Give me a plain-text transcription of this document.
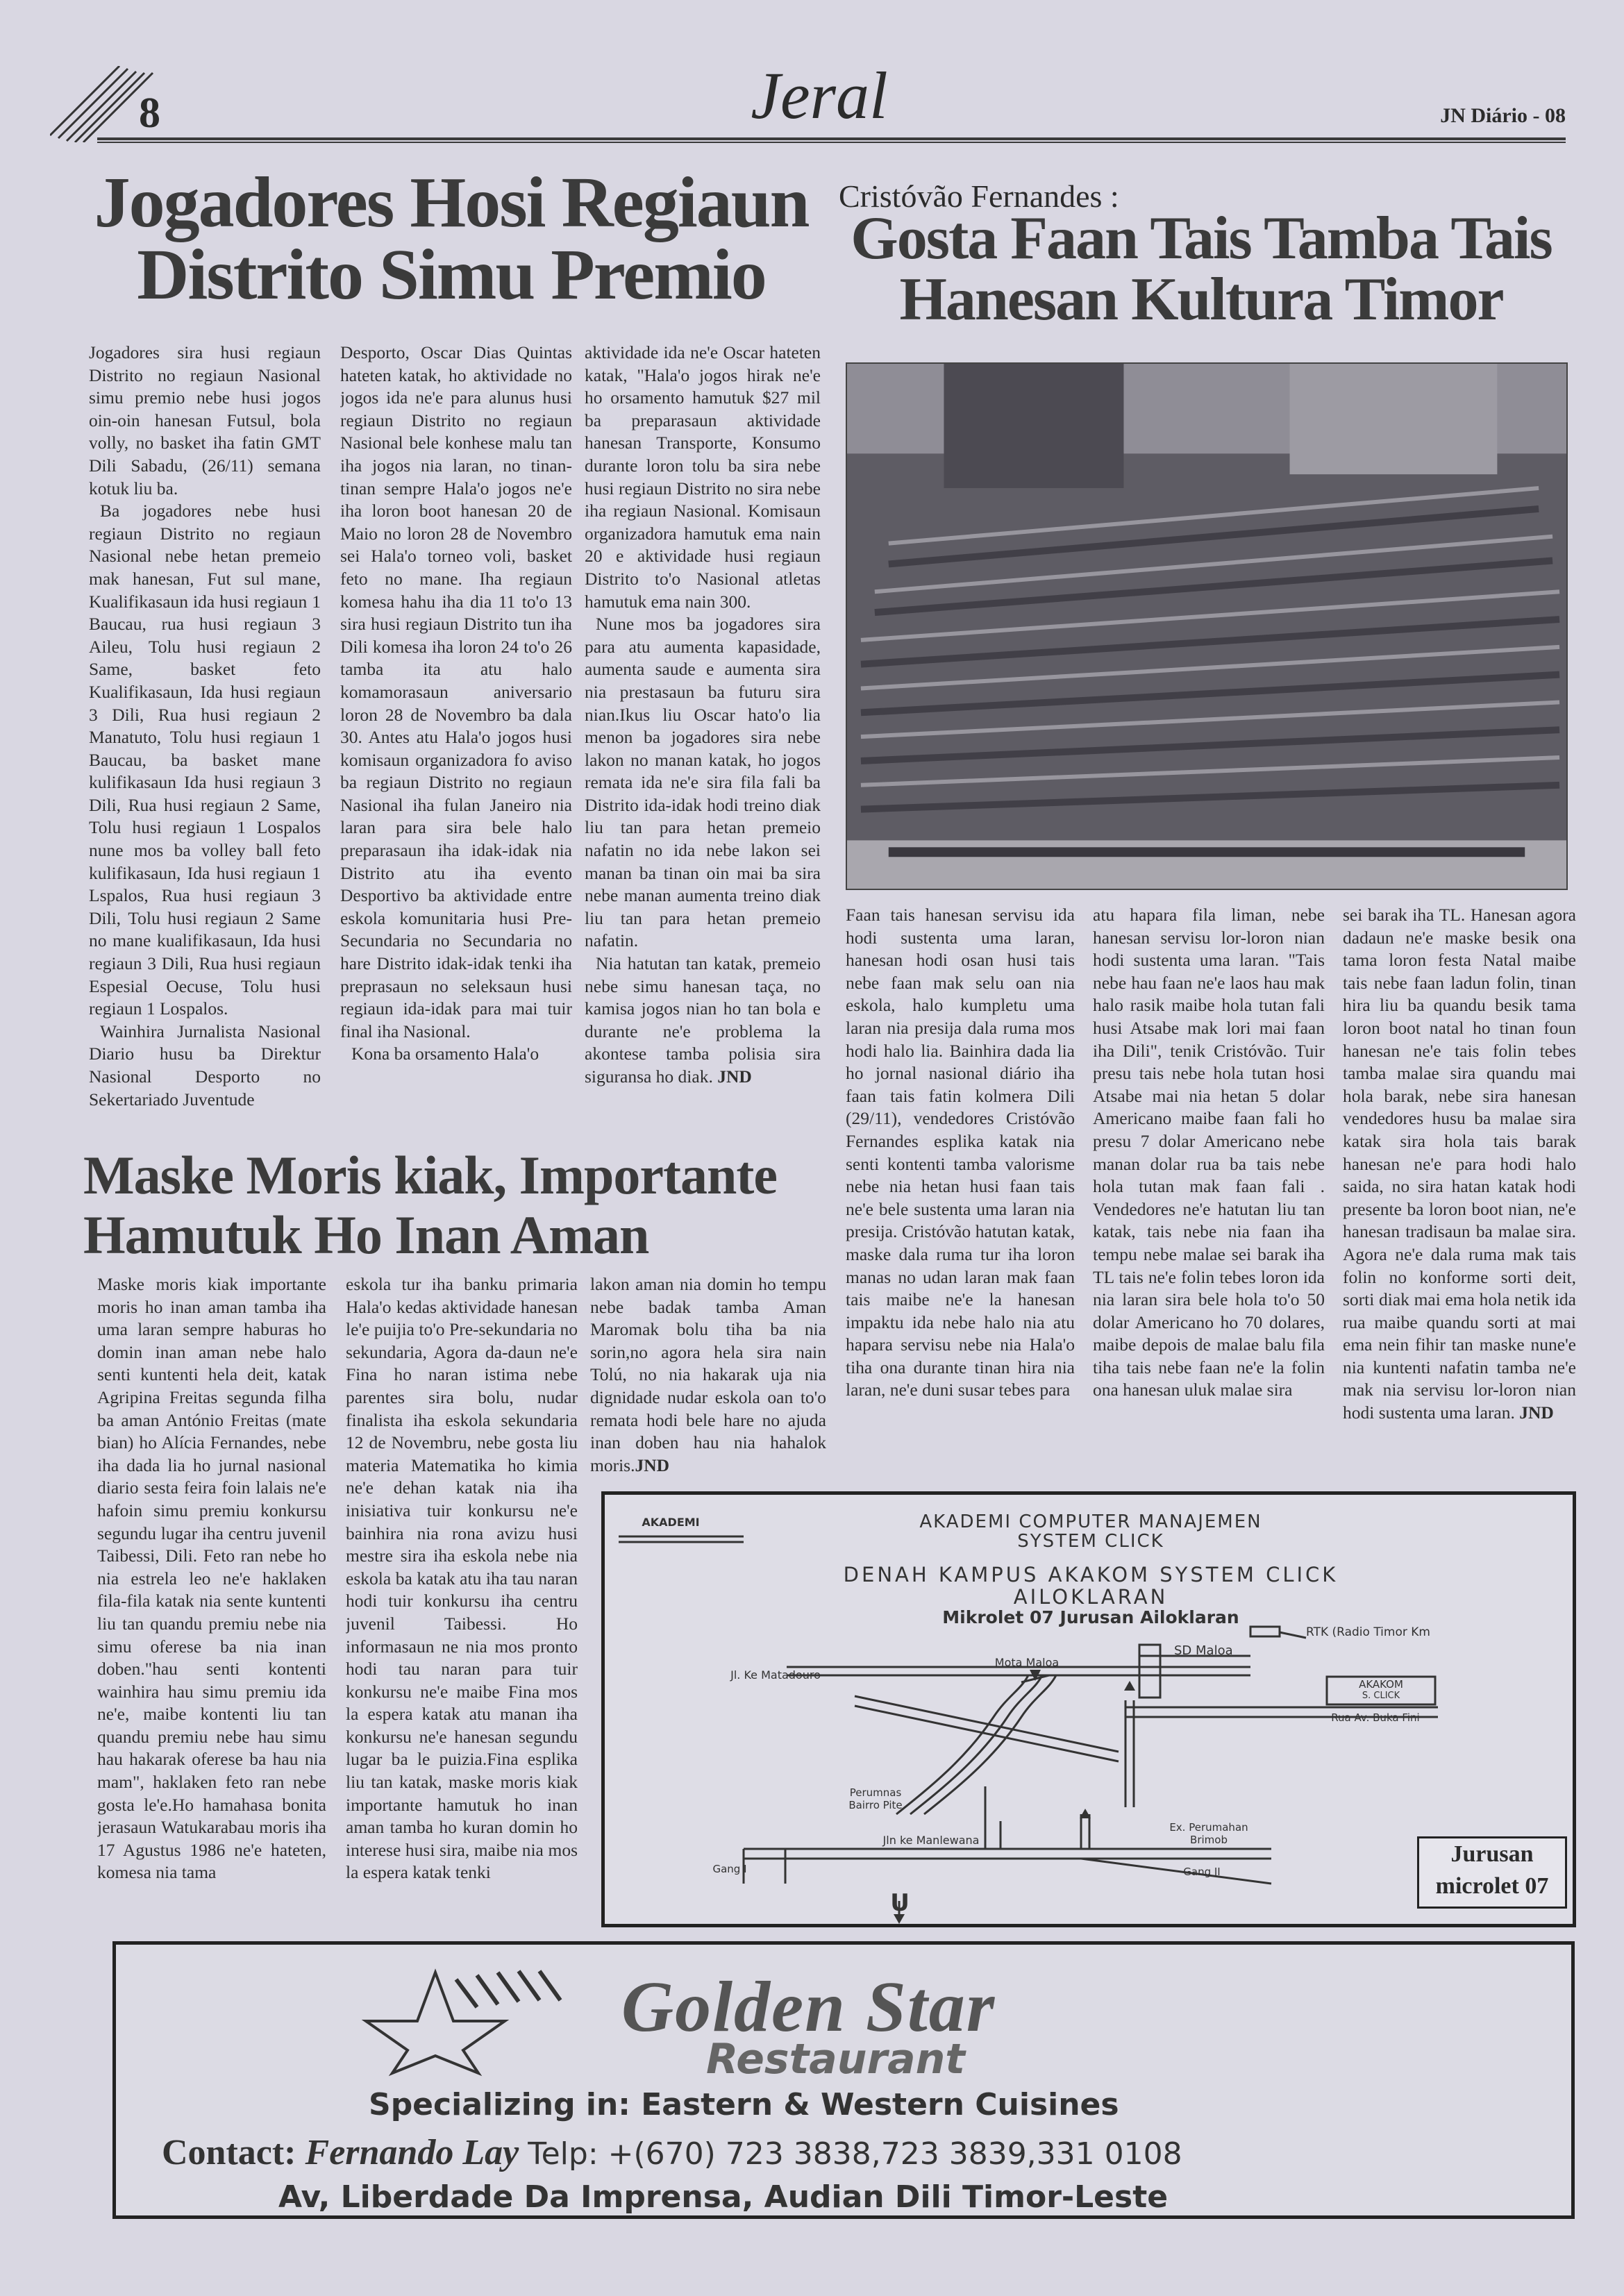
8	Jeral	JN Diário - 08
Jogadores Hosi Regiaun
Distrito Simu Premio
Cristóvão Fernandes :
Gosta Faan Tais Tamba Tais
Hanesan Kultura Timor

Jogadores sira husi regiaun Distrito no regiaun Nasional simu premio nebe husi jogos oin-oin hanesan Futsul, bola volly, no basket iha fatin GMT Dili Sabadu, (26/11) semana kotuk liu ba.

Ba jogadores nebe husi regiaun Distrito no regiaun Nasional nebe hetan premeio mak hanesan, Fut sul mane, Kualifikasaun ida husi regiaun 1 Baucau, rua husi regiaun 3 Aileu, Tolu husi regiaun 2 Same, basket feto Kualifikasaun, Ida husi regiaun 3 Dili, Rua husi regiaun 2 Manatuto, Tolu husi regiaun 1 Baucau, ba basket mane kulifikasaun Ida husi regiaun 3 Dili, Rua husi regiaun 2 Same, Tolu husi regiaun 1 Lospalos nune mos ba volley ball feto kulifikasaun, Ida husi regiaun 1 Lspalos, Rua husi regiaun 3 Dili, Tolu husi regiaun 2 Same no mane kualifikasaun, Ida husi regiaun 3 Dili, Rua husi regiaun Espesial Oecuse, Tolu husi regiaun 1 Lospalos.

Wainhira Jurnalista Nasional Diario husu ba Direktur Nasional Desporto no Sekertariado Juventude

Desporto, Oscar Dias Quintas hateten katak, ho aktividade no jogos ida ne'e para alunus husi regiaun Distrito no regiaun Nasional bele konhese malu tan iha jogos nia laran, no tinan-tinan sempre Hala'o jogos ne'e iha loron boot hanesan 20 de Maio no loron 28 de Novembro sei Hala'o torneo voli, basket feto no mane. Iha regiaun komesa hahu iha dia 11 to'o 13 sira husi regiaun Distrito tun iha Dili komesa iha loron 24 to'o 26 tamba ita atu halo komamorasaun aniversario loron 28 de Novembro ba dala 30. Antes atu Hala'o jogos husi komisaun organizadora fo aviso ba regiaun Distrito no regiaun Nasional iha fulan Janeiro nia laran para sira bele halo preparasaun iha idak-idak nia Distrito atu iha evento Desportivo ba aktividade entre eskola komunitaria husi Pre-Secundaria no Secundaria no hare Distrito idak-idak tenki iha preprasaun no seleksaun husi regiaun ida-idak para mai tuir final iha Nasional.

Kona ba orsamento Hala'o

aktividade ida ne'e Oscar hateten katak, "Hala'o jogos hirak ne'e ho orsamento hamutuk $27 mil ba preparasaun aktividade hanesan Transporte, Konsumo durante loron tolu ba sira nebe husi regiaun Distrito no sira nebe iha regiaun Nasional. Komisaun organizadora hamutuk ema nain 20 e aktividade husi regiaun Distrito to'o Nasional atletas hamutuk ema nain 300.

Nune mos ba jogadores sira para atu aumenta kapasidade, aumenta saude e aumenta sira nia prestasaun ba futuru sira nian.Ikus liu Oscar hato'o lia menon ba jogadores sira nebe lakon no manan katak, ho jogos remata ida ne'e sira fila fali ba Distrito ida-idak hodi treino diak liu tan para hetan premeio nafatin no ida nebe lakon sei manan ba tinan oin mai ba sira nebe manan aumenta treino diak liu tan para hetan premeio nafatin.

Nia hatutan tan katak, premeio nebe simu hanesan taça, no kamisa jogos nian ho tan bola e durante ne'e problema la akontese tamba polisia sira siguransa ho diak. JND

Faan tais hanesan servisu ida hodi sustenta uma laran, hanesan hodi osan husi tais nebe faan mak selu oan nia eskola, halo kumpletu uma laran nia presija dala ruma mos hodi halo lia. Bainhira dada lia ho jornal nasional diário iha faan tais fatin kolmera Dili (29/11), vendedores Cristóvão Fernandes esplika katak nia senti kontenti tamba valorisme nebe nia hetan husi faan tais ne'e bele sustenta uma laran nia presija. Cristóvão hatutan katak, maske dala ruma tur iha loron manas no udan laran mak faan tais maibe ne'e la hanesan impaktu ida nebe halo nia atu hapara servisu nebe nia Hala'o tiha ona durante tinan hira nia laran, ne'e duni susar tebes para

atu hapara fila liman, nebe hanesan servisu lor-loron nian hodi sustenta uma laran. "Tais nebe hau faan ne'e laos hau mak halo rasik maibe hola tutan fali husi Atsabe mak lori mai faan iha Dili", tenik Cristóvão. Tuir presu tais nebe hola tutan hosi Atsabe mai nia hetan 5 dolar Americano maibe faan fali ho presu 7 dolar Americano nebe manan dolar rua ba tais nebe hola tutan mak faan fali . Vendedores ne'e hatutan liu tan katak, tais nebe nia faan iha tempu nebe malae sei barak iha TL tais ne'e folin tebes loron ida nia laran sira bele hola to'o 50 dolar Americano ho 70 dolares, maibe depois de malae balu fila tiha tais nebe faan ne'e la folin ona hanesan uluk malae sira

sei barak iha TL. Hanesan agora dadaun ne'e maske besik ona tama loron festa Natal maibe tais nebe faan ladun folin, tinan hira liu ba quandu besik tama loron boot natal ho tinan foun hanesan ne'e tais folin tebes tamba malae sira quandu mai hola barak, nebe sira hanesan vendedores husu ba malae sira katak sira hola tais barak hanesan ne'e para hodi halo saida, no sira hatan katak hodi presente ba loron boot nian, ne'e hanesan tradisaun ba malae sira. Agora ne'e dala ruma mak tais folin no konforme sorti deit, sorti diak mai ema hola netik ida rua maibe quandu sorti at mai ema nein fihir tan maske nune'e nia kuntenti nafatin tamba ne'e mak nia servisu lor-loron nian hodi sustenta uma laran. JND

Maske Moris kiak, Importante
Hamutuk Ho Inan Aman

Maske moris kiak importante moris ho inan aman tamba iha uma laran sempre haburas ho domin inan aman nebe halo senti kuntenti hela deit, katak Agripina Freitas segunda filha ba aman António Freitas (mate bian) ho Alícia Fernandes, nebe iha dada lia ho jurnal nasional diario sesta feira foin lalais ne'e hafoin simu premiu konkursu segundu lugar iha centru juvenil Taibessi, Dili. Feto ran nebe ho nia estrela leo ne'e haklaken fila-fila katak nia sente kuntenti liu tan quandu premiu nebe nia simu oferese ba nia inan doben."hau senti kontenti wainhira hau simu premiu ida ne'e, maibe kontenti liu tan quandu premiu nebe hau simu hau hakarak oferese ba hau nia mam", haklaken feto ran nebe gosta le'e.Ho hamahasa bonita jerasaun Watukarabau moris iha 17 Agustus 1986 ne'e hateten, komesa nia tama

eskola tur iha banku primaria Hala'o kedas aktividade hanesan le'e puijia to'o Pre-sekundaria no sekundaria, Agora da-daun ne'e Fina ho naran istima nebe parentes sira bolu, nudar finalista iha eskola sekundaria 12 de Novembru, nebe gosta liu materia Matematika ho kimia ne'e dehan katak nia iha inisiativa tuir konkursu ne'e bainhira nia rona avizu husi mestre sira iha eskola nebe nia eskola ba katak atu iha tau naran hodi tuir konkursu iha centru juvenil Taibessi. Ho informasaun ne nia mos pronto hodi tau naran para tuir konkursu ne'e maibe Fina mos la espera katak atu manan iha konkursu ne'e hanesan segundu lugar ba le puizia.Fina esplika liu tan katak, maske moris kiak importante hamutuk ho inan aman tamba ho kuran domin ho interese husi sira, maibe nia mos la espera katak tenki

lakon aman nia domin ho tempu nebe badak tamba Aman Maromak bolu tiha ba nia sorin,no agora hela sira nain Tolú, no nia hakarak uja nia dignidade nudar eskola oan to'o remata hodi bele hare no ajuda inan doben hau nia hahalok moris.JND

AKADEMI	AKADEMI COMPUTER MANAJEMEN
SYSTEM CLICK
DENAH KAMPUS AKAKOM SYSTEM CLICK
AILOKLARAN
Mikrolet 07 Jurusan Ailoklaran
RTK (Radio Timor Km
SD Maloa
Mota Maloa
Jl. Ke Matadouro
AKAKOM
S. CLICK
Rua Av. Buka Fini
Perumnas
Bairro Pite
Ex. Perumahan
Brimob
Jln ke Manlewana
Gang I	Gang II
U
Jurusan
microlet 07
Golden Star
Restaurant
Specializing in: Eastern & Western Cuisines
Contact: Fernando Lay Telp: +(670) 723 3838,723 3839,331 0108
Av, Liberdade Da Imprensa, Audian Dili Timor-Leste
